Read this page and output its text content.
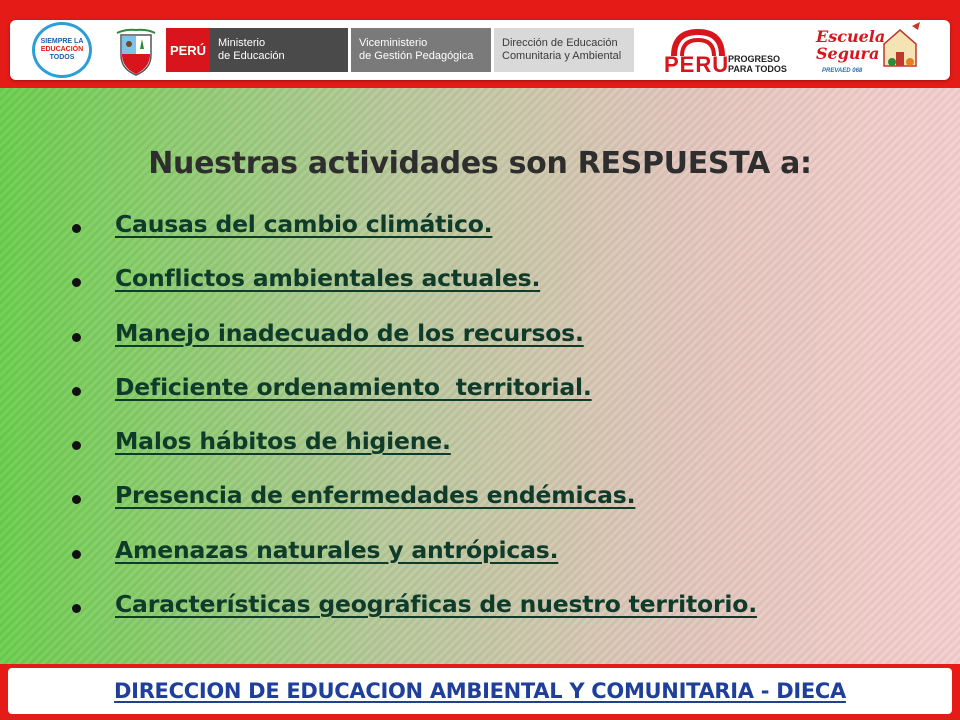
SIEMPRE LA
EDUCACIÓN
TODOS	PERÚ	Ministerio
de Educación
Viceministerio
de Gestión Pedagógica
Dirección de Educación
Comunitaria y Ambiental PERÚ
PROGRESO
PARA TODOS
Escuela
Segura
PREVAED 068
Nuestras actividades son RESPUESTA a:
Causas del cambio climático.
Conflictos ambientales actuales.
Manejo inadecuado de los recursos.
Deficiente ordenamiento  territorial.
Malos hábitos de higiene.
Presencia de enfermedades endémicas.
Amenazas naturales y antrópicas.
Características geográficas de nuestro territorio.
DIRECCION DE EDUCACION AMBIENTAL Y COMUNITARIA - DIECA
